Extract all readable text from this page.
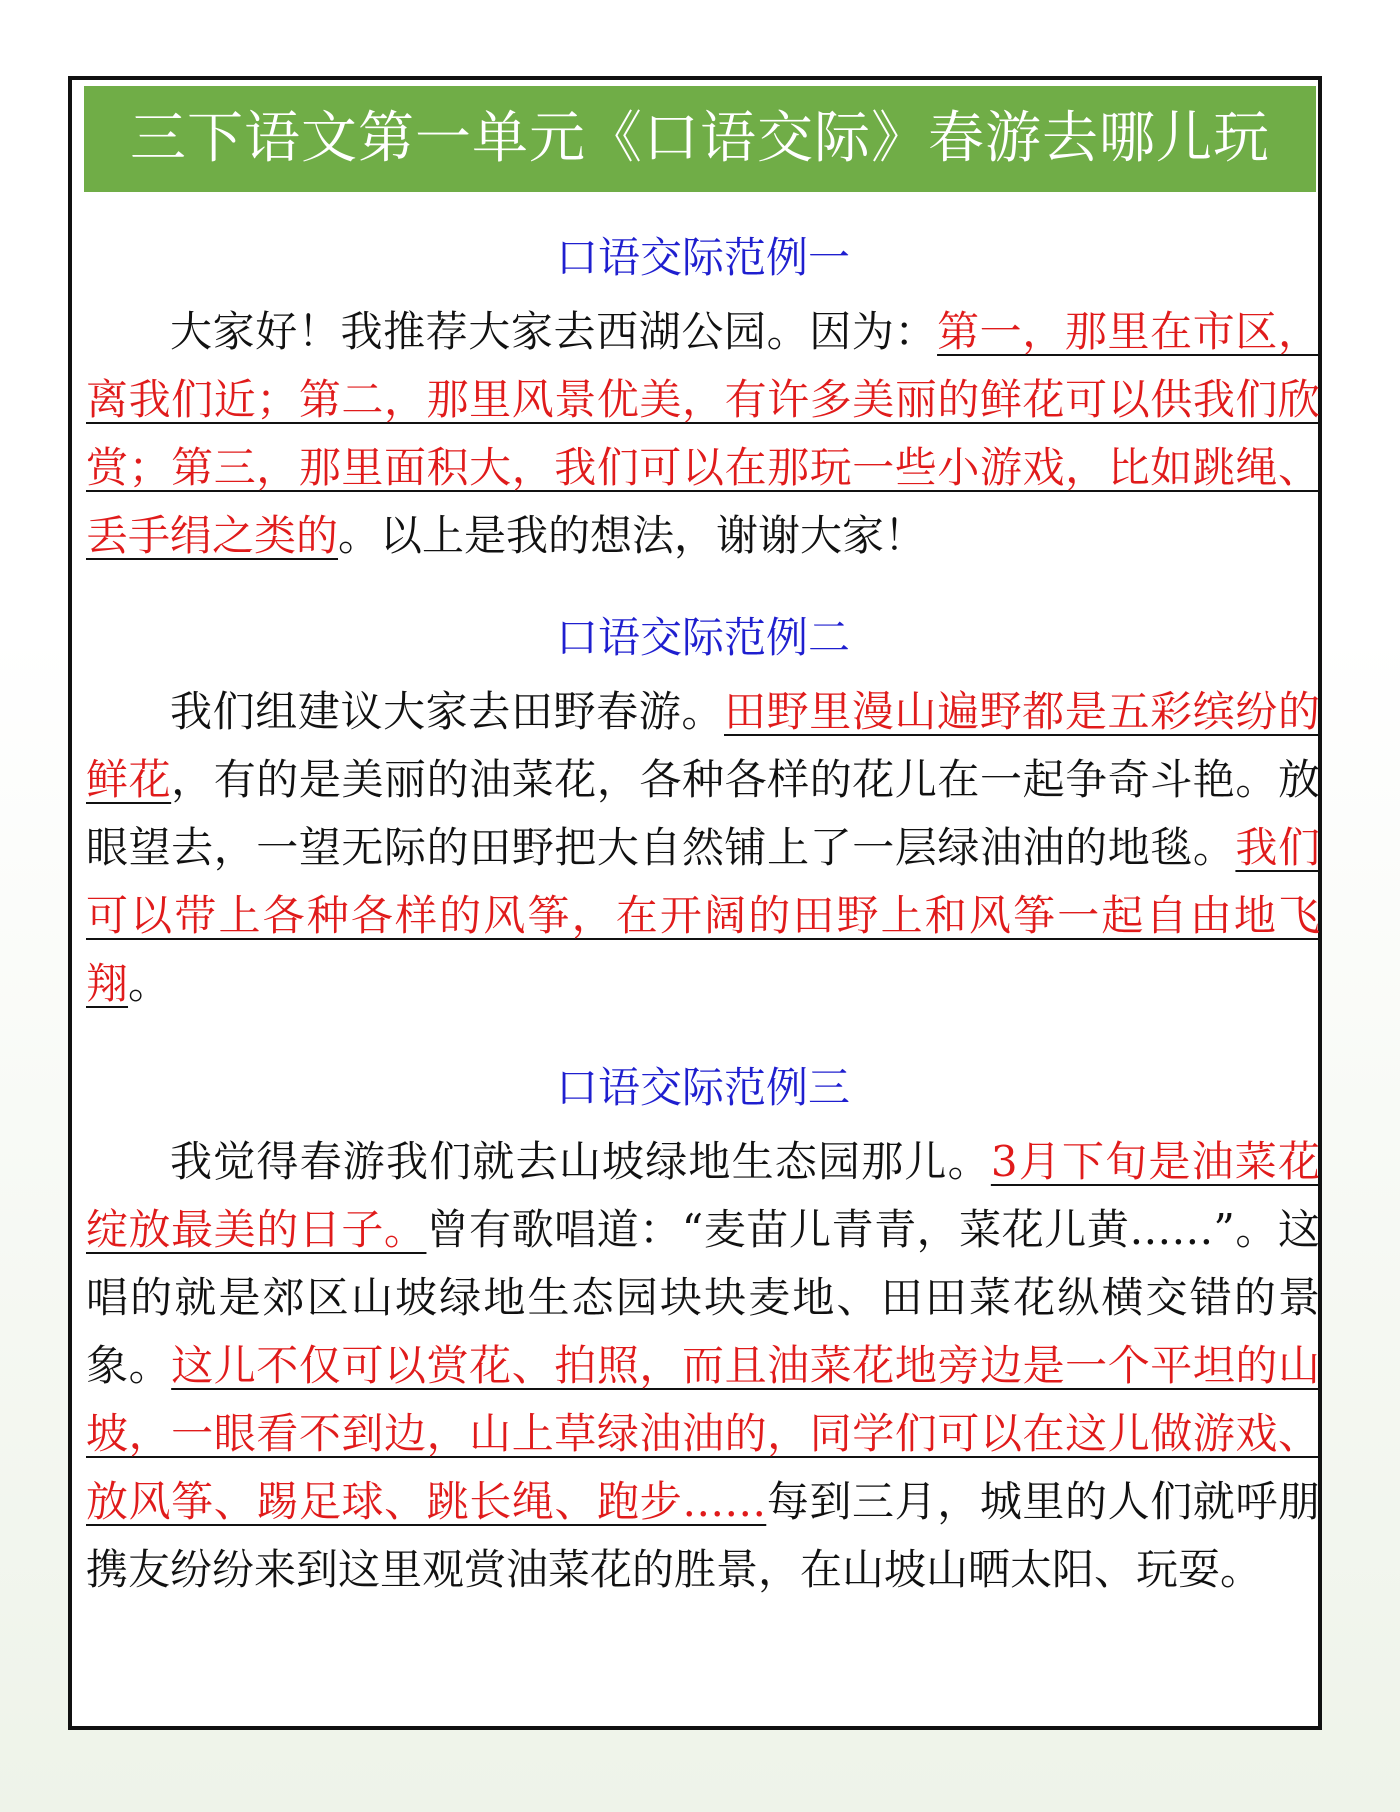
三下语文第一单元《口语交际》春游去哪儿玩
口语交际范例一

大家好！我推荐大家去西湖公园。因为：第一，那里在市区，离我们近；第二，那里风景优美，有许多美丽的鲜花可以供我们欣赏；第三，那里面积大，我们可以在那玩一些小游戏，比如跳绳、丢手绢之类的。以上是我的想法，谢谢大家！

口语交际范例二

我们组建议大家去田野春游。田野里漫山遍野都是五彩缤纷的鲜花，有的是美丽的油菜花，各种各样的花儿在一起争奇斗艳。放眼望去，一望无际的田野把大自然铺上了一层绿油油的地毯。我们可以带上各种各样的风筝，在开阔的田野上和风筝一起自由地飞翔。

口语交际范例三

我觉得春游我们就去山坡绿地生态园那儿。3月下旬是油菜花绽放最美的日子。曾有歌唱道：“麦苗儿青青，菜花儿黄……”。这唱的就是郊区山坡绿地生态园块块麦地、田田菜花纵横交错的景象。这儿不仅可以赏花、拍照，而且油菜花地旁边是一个平坦的山坡，一眼看不到边，山上草绿油油的，同学们可以在这儿做游戏、放风筝、踢足球、跳长绳、跑步……每到三月，城里的人们就呼朋携友纷纷来到这里观赏油菜花的胜景，在山坡山晒太阳、玩耍。
